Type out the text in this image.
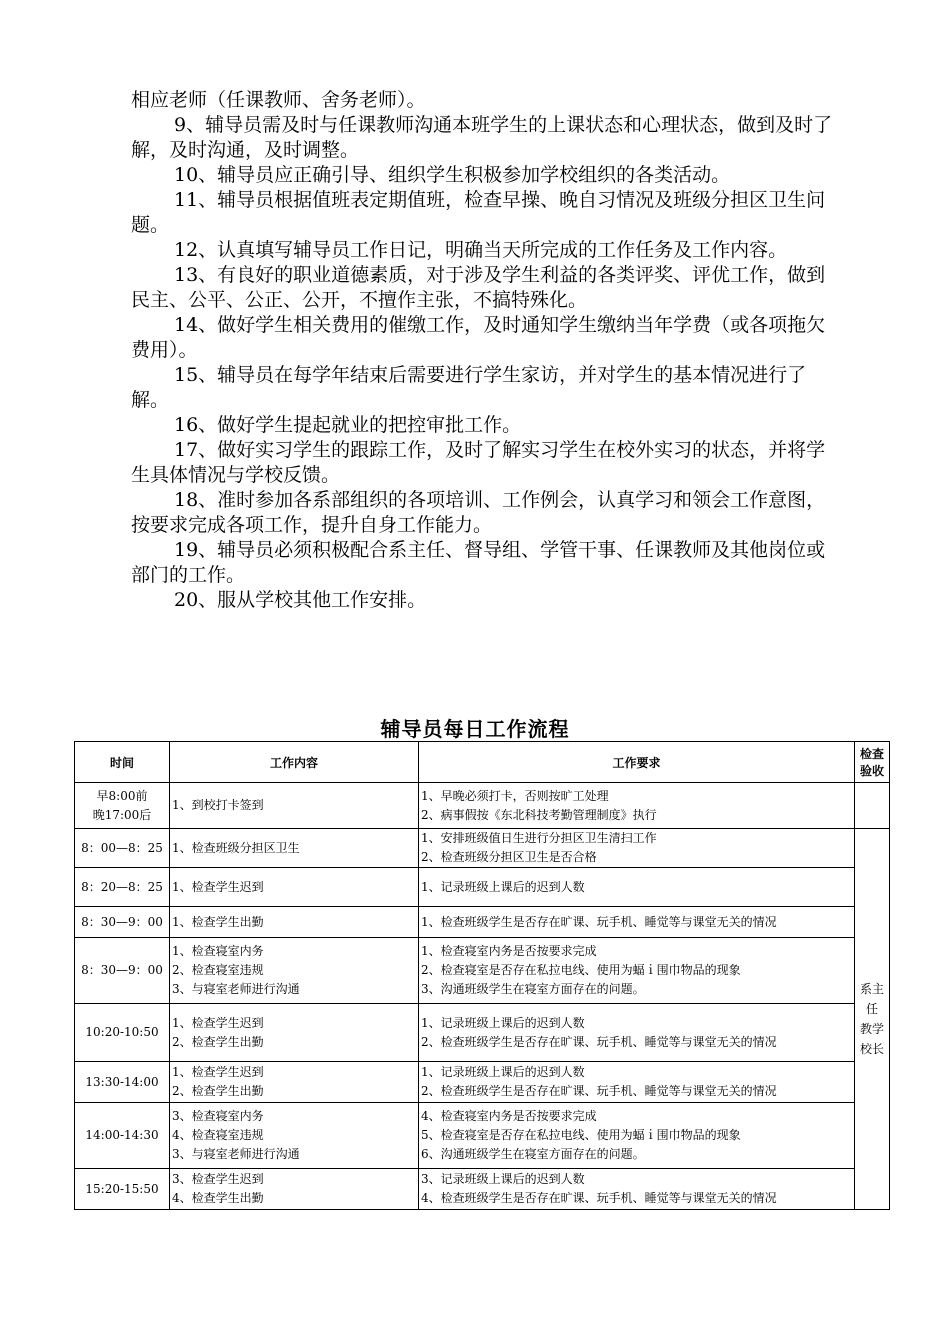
相应老师（任课教师、舍务老师）。

9、辅导员需及时与任课教师沟通本班学生的上课状态和心理状态，做到及时了解，及时沟通，及时调整。

10、辅导员应正确引导、组织学生积极参加学校组织的各类活动。

11、辅导员根据值班表定期值班，检查早操、晚自习情况及班级分担区卫生问题。

12、认真填写辅导员工作日记，明确当天所完成的工作任务及工作内容。

13、有良好的职业道德素质，对于涉及学生利益的各类评奖、评优工作，做到民主、公平、公正、公开，不擅作主张，不搞特殊化。

14、做好学生相关费用的催缴工作，及时通知学生缴纳当年学费（或各项拖欠费用）。

15、辅导员在每学年结束后需要进行学生家访，并对学生的基本情况进行了解。

16、做好学生提起就业的把控审批工作。

17、做好实习学生的跟踪工作，及时了解实习学生在校外实习的状态，并将学生具体情况与学校反馈。

18、准时参加各系部组织的各项培训、工作例会，认真学习和领会工作意图，按要求完成各项工作，提升自身工作能力。

19、辅导员必须积极配合系主任、督导组、学管干事、任课教师及其他岗位或部门的工作。

20、服从学校其他工作安排。

辅导员每日工作流程
时间	工作内容	工作要求	检查
验收

早8:00前
晚17:00后	1、到校打卡签到	1、早晚必须打卡，否则按旷工处理
2、病事假按《东北科技考勤管理制度》执行	

8：00—8：25	1、检查班级分担区卫生	1、安排班级值日生进行分担区卫生清扫工作
2、检查班级分担区卫生是否合格	系主
任
教学
校长

8：20—8：25	1、检查学生迟到	1、记录班级上课后的迟到人数	

8：30—9：00	1、检查学生出勤	1、检查班级学生是否存在旷课、玩手机、睡觉等与课堂无关的情况	

8：30—9：00	1、检查寝室内务
2、检查寝室违规
3、与寝室老师进行沟通	1、检查寝室内务是否按要求完成
2、检查寝室是否存在私拉电线、使用为蝠ｉ围巾物品的现象
3、沟通班级学生在寝室方面存在的问题。	

10:20-10:50	1、检查学生迟到
2、检查学生出勤	1、记录班级上课后的迟到人数
2、检查班级学生是否存在旷课、玩手机、睡觉等与课堂无关的情况	

13:30-14:00	1、检查学生迟到
2、检查学生出勤	1、记录班级上课后的迟到人数
2、检查班级学生是否存在旷课、玩手机、睡觉等与课堂无关的情况	

14:00-14:30	3、检查寝室内务
4、检查寝室违规
3、与寝室老师进行沟通	4、检查寝室内务是否按要求完成
5、检查寝室是否存在私拉电线、使用为蝠ｉ围巾物品的现象
6、沟通班级学生在寝室方面存在的问题。	

15:20-15:50	3、检查学生迟到
4、检查学生出勤	3、记录班级上课后的迟到人数
4、检查班级学生是否存在旷课、玩手机、睡觉等与课堂无关的情况	
